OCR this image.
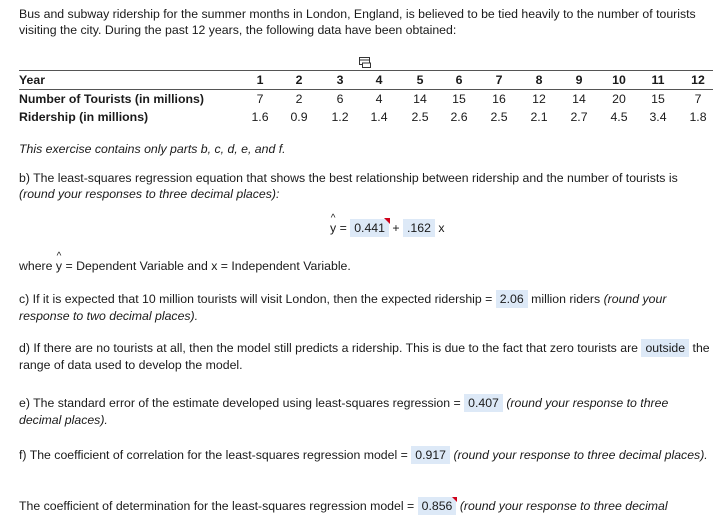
Bus and subway ridership for the summer months in London, England, is believed to be tied heavily to the number of tourists visiting the city. During the past 12 years, the following data have been obtained:
Year	1	2	3	4	5	6	7	8	9	10	11	12
Number of Tourists (in millions)	7	2	6	4	14	15	16	12	14	20	15	7
Ridership (in millions)	1.6	0.9	1.2	1.4	2.5	2.6	2.5	2.1	2.7	4.5	3.4	1.8
This exercise contains only parts b, c, d, e, and f.
b) The least-squares regression equation that shows the best relationship between ridership and the number of tourists is (round your responses to three decimal places):
^
y = 0.441 + .162 x
where
^
y = Dependent Variable and x = Independent Variable.
c) If it is expected that 10 million tourists will visit London, then the expected ridership = 2.06 million riders (round your response to two decimal places).
d) If there are no tourists at all, then the model still predicts a ridership. This is due to the fact that zero tourists are outside the range of data used to develop the model.
e) The standard error of the estimate developed using least-squares regression = 0.407 (round your response to three decimal places).
f) The coefficient of correlation for the least-squares regression model = 0.917 (round your response to three decimal places).
The coefficient of determination for the least-squares regression model = 0.856 (round your response to three decimal
